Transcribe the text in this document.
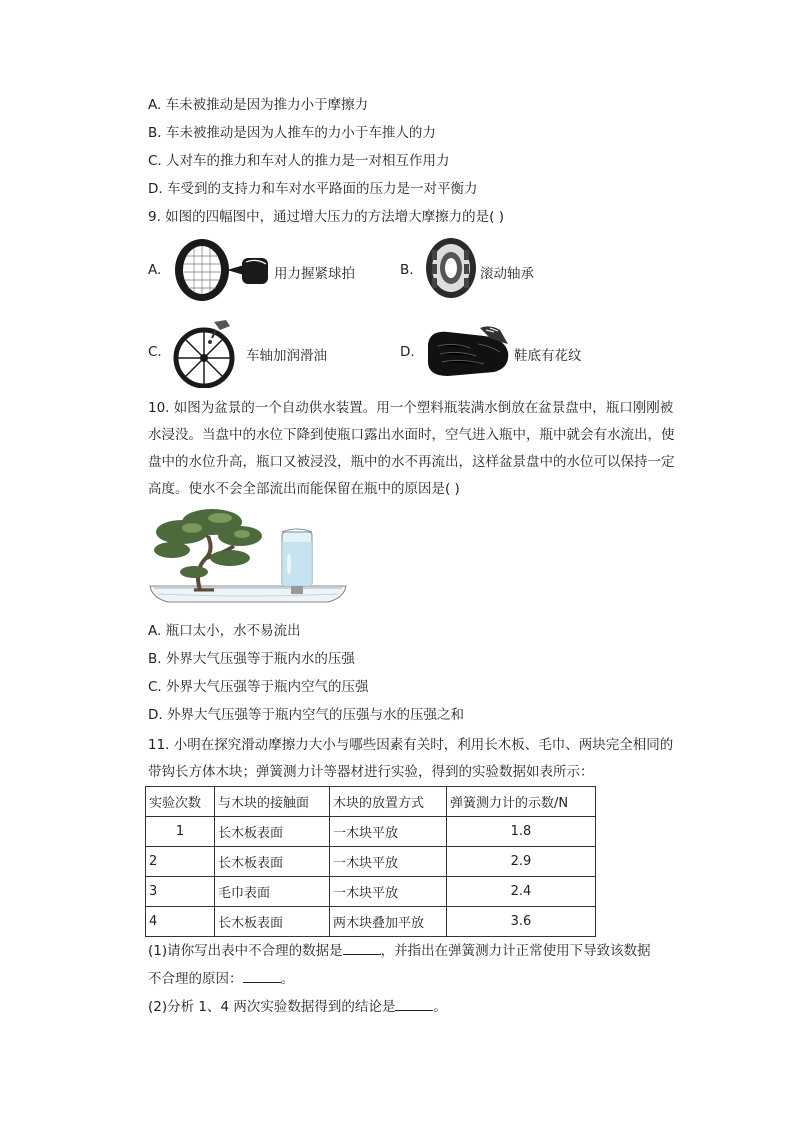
A. 车未被推动是因为推力小于摩擦力
B. 车未被推动是因为人推车的力小于车推人的力
C. 人对车的推力和车对人的推力是一对相互作用力
D. 车受到的支持力和车对水平路面的压力是一对平衡力
9. 如图的四幅图中，通过增大压力的方法增大摩擦力的是( )
A.	用力握紧球拍	B.	滚动轴承
C.	车轴加润滑油	D.	鞋底有花纹
10. 如图为盆景的一个自动供水装置。用一个塑料瓶装满水倒放在盆景盘中，瓶口刚刚被水浸没。当盘中的水位下降到使瓶口露出水面时，空气进入瓶中，瓶中就会有水流出，使盘中的水位升高，瓶口又被浸没，瓶中的水不再流出，这样盆景盘中的水位可以保持一定高度。使水不会全部流出而能保留在瓶中的原因是( )
A. 瓶口太小，水不易流出
B. 外界大气压强等于瓶内水的压强
C. 外界大气压强等于瓶内空气的压强
D. 外界大气压强等于瓶内空气的压强与水的压强之和
11. 小明在探究滑动摩擦力大小与哪些因素有关时，利用长木板、毛巾、两块完全相同的带钩长方体木块；弹簧测力计等器材进行实验，得到的实验数据如表所示：
实验次数	与木块的接触面	木块的放置方式	弹簧测力计的示数/N
1	长木板表面	一木块平放	1.8
2	长木板表面	一木块平放	2.9
3	毛巾表面	一木块平放	2.4
4	长木板表面	两木块叠加平放	3.6
(1)请你写出表中不合理的数据是	，并指出在弹簧测力计正常使用下导致该数据
不合理的原因：	。
(2)分析 1、4 两次实验数据得到的结论是	。
